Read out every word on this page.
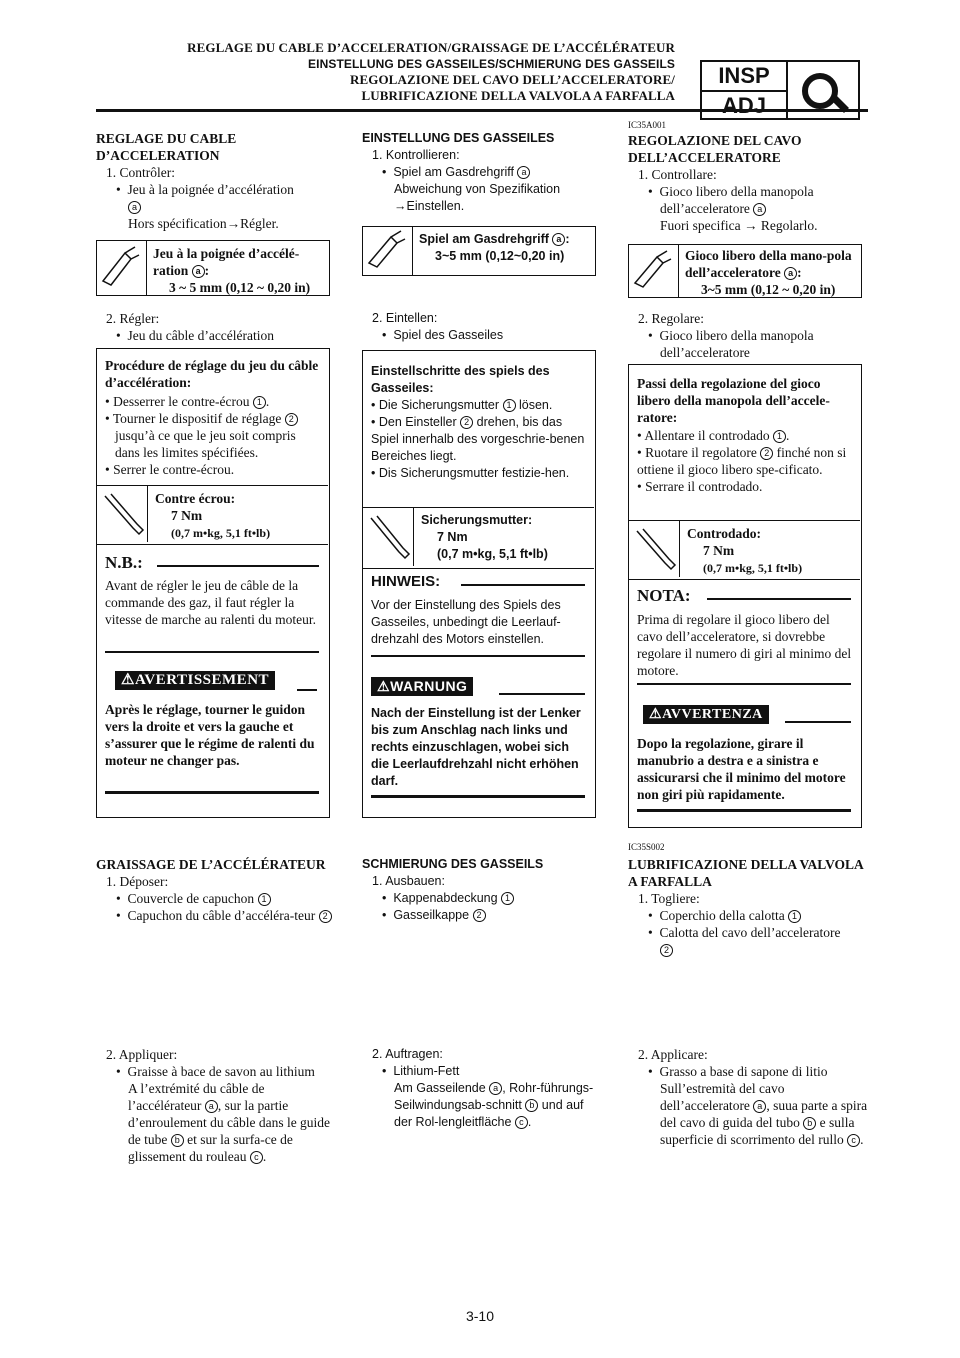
REGLAGE DU CABLE D’ACCELERATION/GRAISSAGE DE L’ACCÉLÉRATEUR
EINSTELLUNG DES GASSEILES/SCHMIERUNG DES GASSEILS
REGOLAZIONE DEL CAVO DELL’ACCELERATORE/
LUBRIFICAZIONE DELLA VALVOLA A FARFALLA
INSP
ADJ
REGLAGE DU CABLE D’ACCELERATION
1. Contrôler:
•  Jeu à la poignée d’accélération
a
Hors spécification→Régler.
Jeu à la poignée d’accélé-ration a :
3 ~ 5 mm (0,12 ~ 0,20 in)
2. Régler:
•  Jeu du câble d’accélération
Procédure de réglage du jeu du câble d’accélération:
• Desserrer le contre-écrou 1 .
• Tourner le dispositif de réglage 2
jusqu’à ce que le jeu soit compris dans les limites spécifiées.
• Serrer le contre-écrou.
Contre écrou:
7 Nm
(0,7 m•kg, 5,1 ft•lb)
N.B.:
Avant de régler le jeu de câble de la commande des gaz, il faut régler la vitesse de marche au ralenti du moteur.
⚠AVERTISSEMENT
Après le réglage, tourner le guidon vers la droite et vers la gauche et s’assurer que le régime de ralenti du moteur ne changer pas.
GRAISSAGE DE L’ACCÉLÉRATEUR
1. Déposer:
•  Couvercle de capuchon 1
•  Capuchon du câble d’accéléra-teur 2
2. Appliquer:
•  Graisse à bace de savon au lithium
A l’extrémité du câble de l’accélérateur a , sur la partie d’enroulement du câble dans le guide de tube b et sur la surfa-ce de glissement du rouleau c .
EINSTELLUNG DES GASSEILES
1. Kontrollieren:
•  Spiel am Gasdrehgriff a
Abweichung von Spezifikation
→Einstellen.
Spiel am Gasdrehgriff a :
3~5 mm (0,12~0,20 in)
2. Eintellen:
•  Spiel des Gasseiles
Einstellschritte des spiels des Gasseiles:
• Die Sicherungsmutter 1 lösen.
• Den Einsteller 2 drehen, bis das Spiel innerhalb des vorgeschrie-benen Bereiches liegt.
• Dis Sicherungsmutter festizie-hen.
Sicherungsmutter:
7 Nm
(0,7 m•kg, 5,1 ft•lb)
HINWEIS:
Vor der Einstellung des Spiels des Gasseiles, unbedingt die Leerlauf-drehzahl des Motors einstellen.
⚠WARNUNG
Nach der Einstellung ist der Lenker bis zum Anschlag nach links und rechts einzuschlagen, wobei sich die Leerlaufdrehzahl nicht erhöhen darf.
SCHMIERUNG DES GASSEILS
1. Ausbauen:
•  Kappenabdeckung 1
•  Gasseilkappe 2
2. Auftragen:
•  Lithium-Fett
Am Gasseilende a , Rohr-führungs-Seilwindungsab-schnitt b und auf der Rol-lengleitfläche c .
IC35A001
REGOLAZIONE DEL CAVO DELL’ACCELERATORE
1. Controllare:
•  Gioco libero della manopola dell’acceleratore a
Fuori specifica → Regolarlo.
Gioco libero della mano-pola dell’acceleratore a :
3~5 mm (0,12 ~ 0,20 in)
2. Regolare:
•  Gioco libero della manopola dell’acceleratore
Passi della regolazione del gioco libero della manopola dell’accele-ratore:
• Allentare il controdado 1 .
• Ruotare il regolatore 2 finché non si ottiene il gioco libero spe-cificato.
• Serrare il controdado.
Controdado:
7 Nm
(0,7 m•kg, 5,1 ft•lb)
NOTA:
Prima di regolare il gioco libero del cavo dell’acceleratore, si dovrebbe regolare il numero di giri al minimo del motore.
⚠AVVERTENZA
Dopo la regolazione, girare il manubrio a destra e a sinistra e assicurarsi che il minimo del motore non giri più rapidamente.
IC35S002
LUBRIFICAZIONE DELLA VALVOLA A FARFALLA
1. Togliere:
•  Coperchio della calotta 1
•  Calotta del cavo dell’acceleratore
2
2. Applicare:
•  Grasso a base di sapone di litio
Sull’estremità del cavo dell’acceleratore a , suua parte a spira del cavo di guida del tubo b e sulla superficie di scorrimento del rullo c .
3-10
